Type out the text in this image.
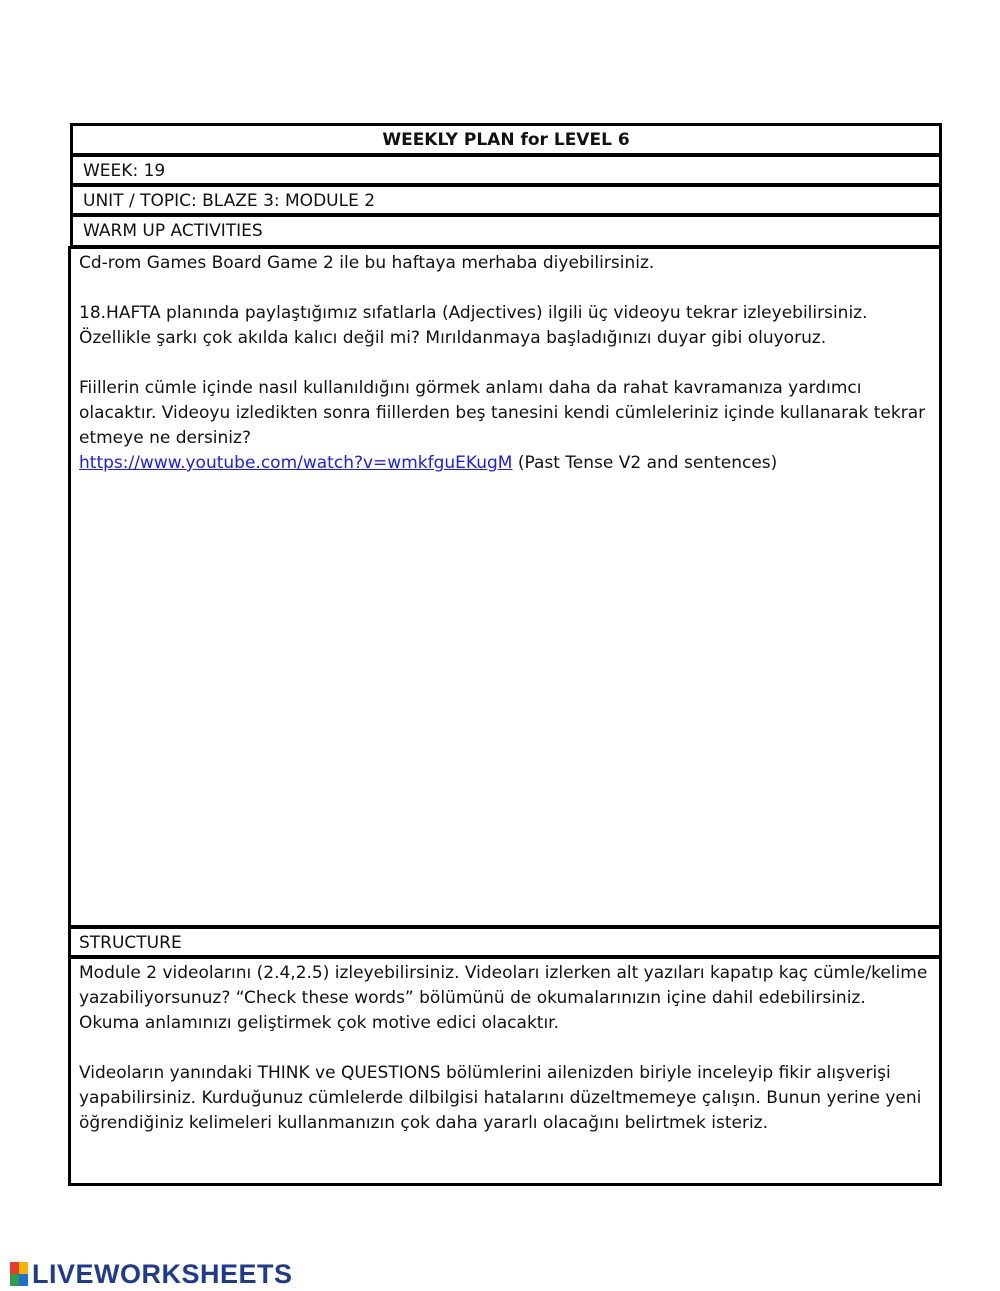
WEEKLY PLAN for LEVEL 6
WEEK: 19
UNIT / TOPIC: BLAZE 3: MODULE 2
WARM UP ACTIVITIES

Cd-rom Games Board Game 2 ile bu haftaya merhaba diyebilirsiniz.

18.HAFTA planında paylaştığımız sıfatlarla (Adjectives) ilgili üç videoyu tekrar izleyebilirsiniz. Özellikle şarkı çok akılda kalıcı değil mi? Mırıldanmaya başladığınızı duyar gibi oluyoruz.

Fiillerin cümle içinde nasıl kullanıldığını görmek anlamı daha da rahat kavramanıza yardımcı olacaktır. Videoyu izledikten sonra fiillerden beş tanesini kendi cümleleriniz içinde kullanarak tekrar etmeye ne dersiniz?

https://www.youtube.com/watch?v=wmkfguEKugM (Past Tense V2 and sentences)

STRUCTURE

Module 2 videolarını (2.4,2.5) izleyebilirsiniz. Videoları izlerken alt yazıları kapatıp kaç cümle/kelime yazabiliyorsunuz? “Check these words” bölümünü de okumalarınızın içine dahil edebilirsiniz. Okuma anlamınızı geliştirmek çok motive edici olacaktır.

Videoların yanındaki THINK ve QUESTIONS bölümlerini ailenizden biriyle inceleyip fikir alışverişi yapabilirsiniz. Kurduğunuz cümlelerde dilbilgisi hatalarını düzeltmemeye çalışın. Bunun yerine yeni öğrendiğiniz kelimeleri kullanmanızın çok daha yararlı olacağını belirtmek isteriz.

LIVEWORKSHEETS
